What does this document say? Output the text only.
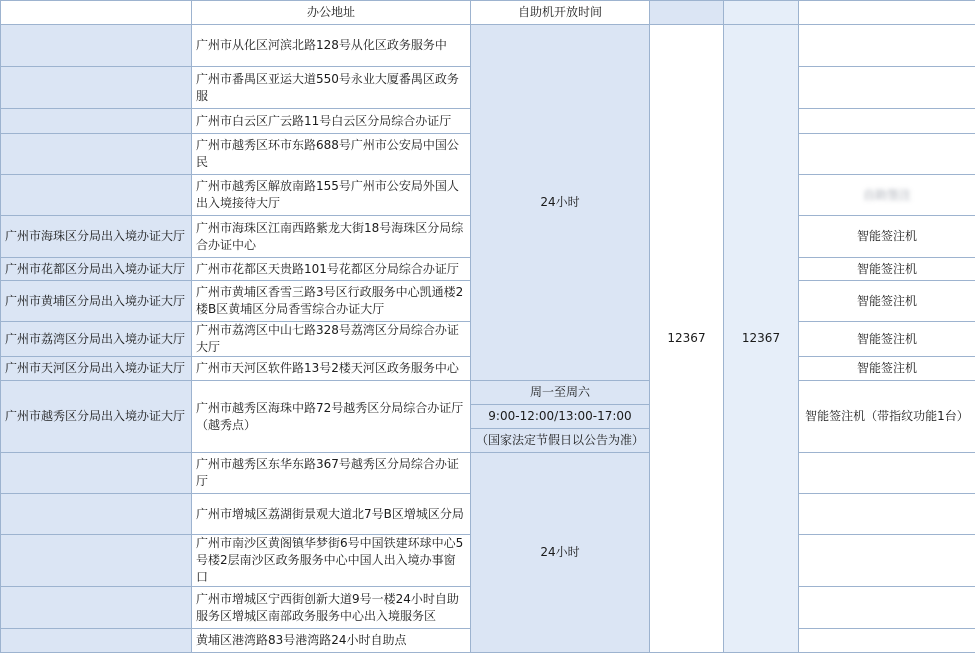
	办公地址	自助机开放时间			
	广州市从化区河滨北路128号从化区政务服务中	24小时	12367	12367	
	广州市番禺区亚运大道550号永业大厦番禺区政务服				
	广州市白云区广云路11号白云区分局综合办证厅				
	广州市越秀区环市东路688号广州市公安局中国公民				
	广州市越秀区解放南路155号广州市公安局外国人出入境接待大厅				自助签注
广州市海珠区分局出入境办证大厅	广州市海珠区江南西路紫龙大街18号海珠区分局综合办证中心				智能签注机
广州市花都区分局出入境办证大厅	广州市花都区天贵路101号花都区分局综合办证厅				智能签注机
广州市黄埔区分局出入境办证大厅	广州市黄埔区香雪三路3号区行政服务中心凯通楼2楼B区黄埔区分局香雪综合办证大厅				智能签注机
广州市荔湾区分局出入境办证大厅	广州市荔湾区中山七路328号荔湾区分局综合办证大厅				智能签注机
广州市天河区分局出入境办证大厅	广州市天河区软件路13号2楼天河区政务服务中心				智能签注机
广州市越秀区分局出入境办证大厅	广州市越秀区海珠中路72号越秀区分局综合办证厅（越秀点）	周一至周六			智能签注机（带指纹功能1台）
		9:00-12:00/13:00-17:00			
		（国家法定节假日以公告为准）			
	广州市越秀区东华东路367号越秀区分局综合办证厅	24小时			
	广州市增城区荔湖街景观大道北7号B区增城区分局				
	广州市南沙区黄阁镇华梦街6号中国铁建环球中心5号楼2层南沙区政务服务中心中国人出入境办事窗口				
	广州市增城区宁西街创新大道9号一楼24小时自助服务区增城区南部政务服务中心出入境服务区				
	黄埔区港湾路83号港湾路24小时自助点				
